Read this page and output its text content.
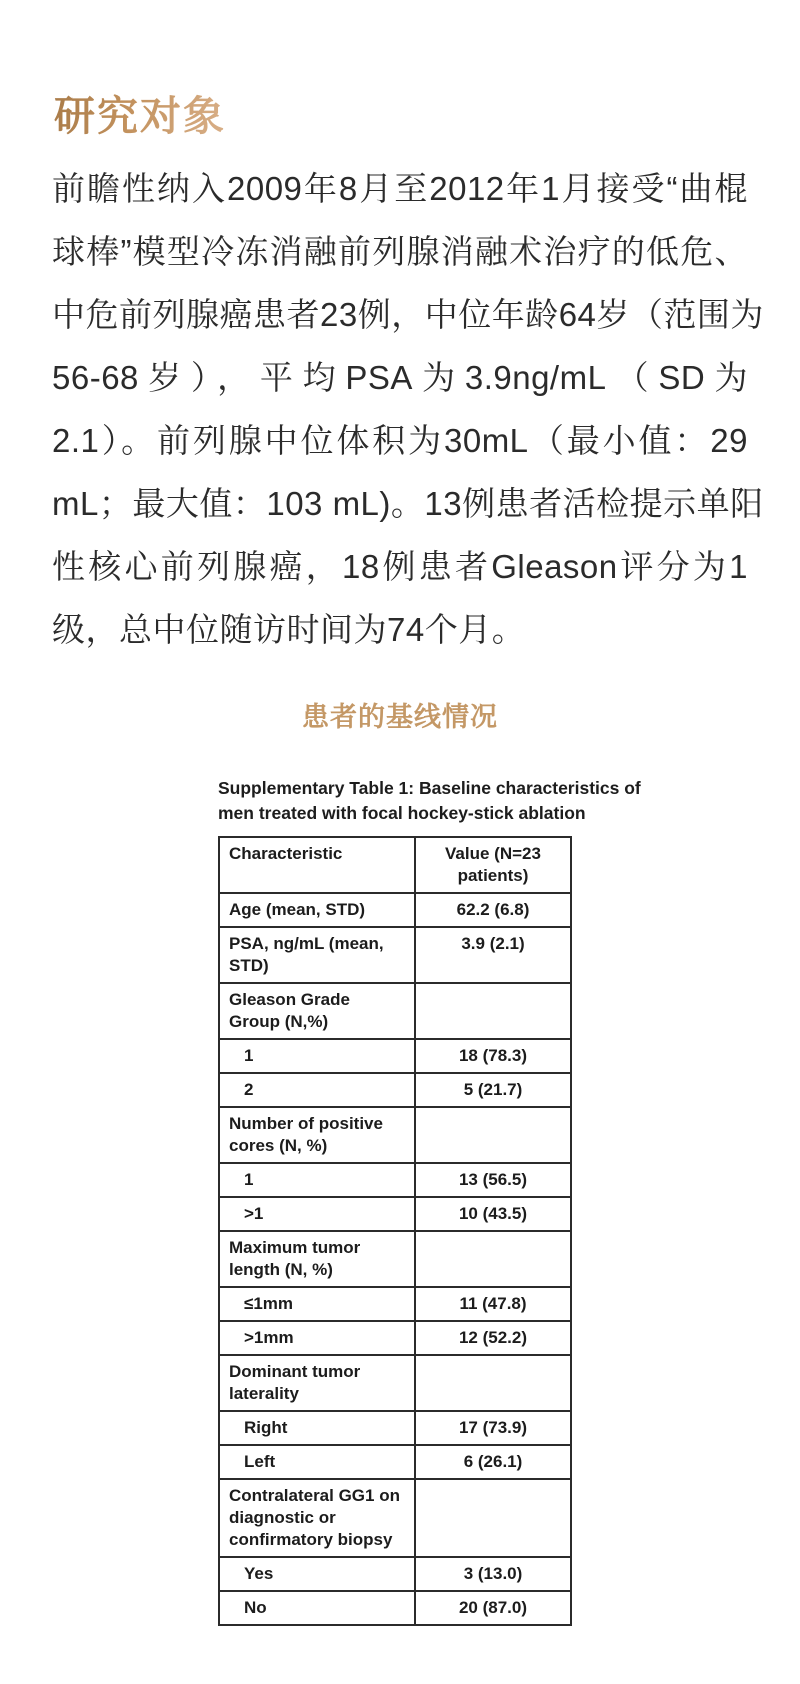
研究对象
前瞻性纳入2009年8月至2012年1月接受“曲棍
球棒”模型冷冻消融前列腺消融术治疗的低危、
中危前列腺癌患者23例，中位年龄64岁（范围为
56-68岁），平均PSA为3.9ng/mL（SD为
2.1）。前列腺中位体积为30mL（最小值：29
mL；最大值：103 mL)。13例患者活检提示单阳
性核心前列腺癌，18例患者Gleason评分为1
级，总中位随访时间为74个月。
患者的基线情况
Supplementary Table 1: Baseline characteristics of
men treated with focal hockey-stick ablation
Characteristic	Value (N=23 patients)
Age (mean, STD)	62.2 (6.8)
PSA, ng/mL (mean, STD)	3.9 (2.1)
Gleason Grade Group (N,%)	
1	18 (78.3)
2	5 (21.7)
Number of positive cores (N, %)	
1	13 (56.5)
>1	10 (43.5)
Maximum tumor length (N, %)	
≤1mm	11 (47.8)
>1mm	12 (52.2)
Dominant tumor laterality	
Right	17 (73.9)
Left	6 (26.1)
Contralateral GG1 on diagnostic or confirmatory biopsy	
Yes	3 (13.0)
No	20 (87.0)
